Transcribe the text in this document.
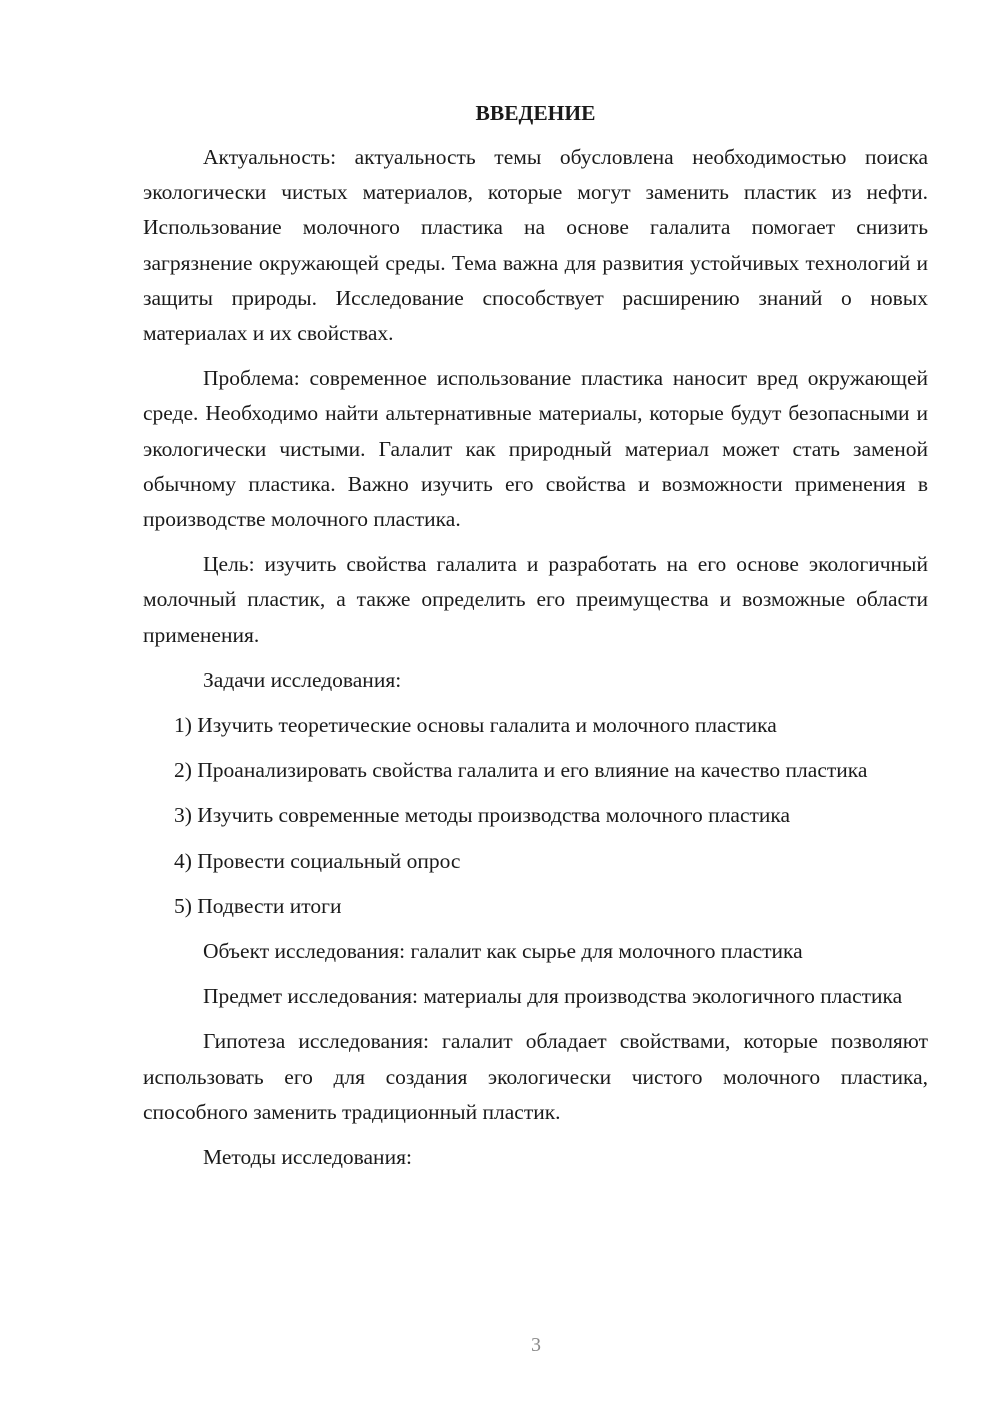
ВВЕДЕНИЕ

Актуальность: актуальность темы обусловлена необходимостью поиска экологически чистых материалов, которые могут заменить пластик из нефти. Использование молочного пластика на основе галалита помогает снизить загрязнение окружающей среды. Тема важна для развития устойчивых технологий и защиты природы. Исследование способствует расширению знаний о новых материалах и их свойствах.

Проблема: современное использование пластика наносит вред окружающей среде. Необходимо найти альтернативные материалы, которые будут безопасными и экологически чистыми. Галалит как природный материал может стать заменой обычному пластика. Важно изучить его свойства и возможности применения в производстве молочного пластика.

Цель: изучить свойства галалита и разработать на его основе экологичный молочный пластик, а также определить его преимущества и возможные области применения.

Задачи исследования:

1) Изучить теоретические основы галалита и молочного пластика

2) Проанализировать свойства галалита и его влияние на качество пластика

3) Изучить современные методы производства молочного пластика

4) Провести социальный опрос

5) Подвести итоги

Объект исследования: галалит как сырье для молочного пластика

Предмет исследования: материалы для производства экологичного пластика

Гипотеза исследования: галалит обладает свойствами, которые позволяют использовать его для создания экологически чистого молочного пластика, способного заменить традиционный пластик.

Методы исследования:

3
